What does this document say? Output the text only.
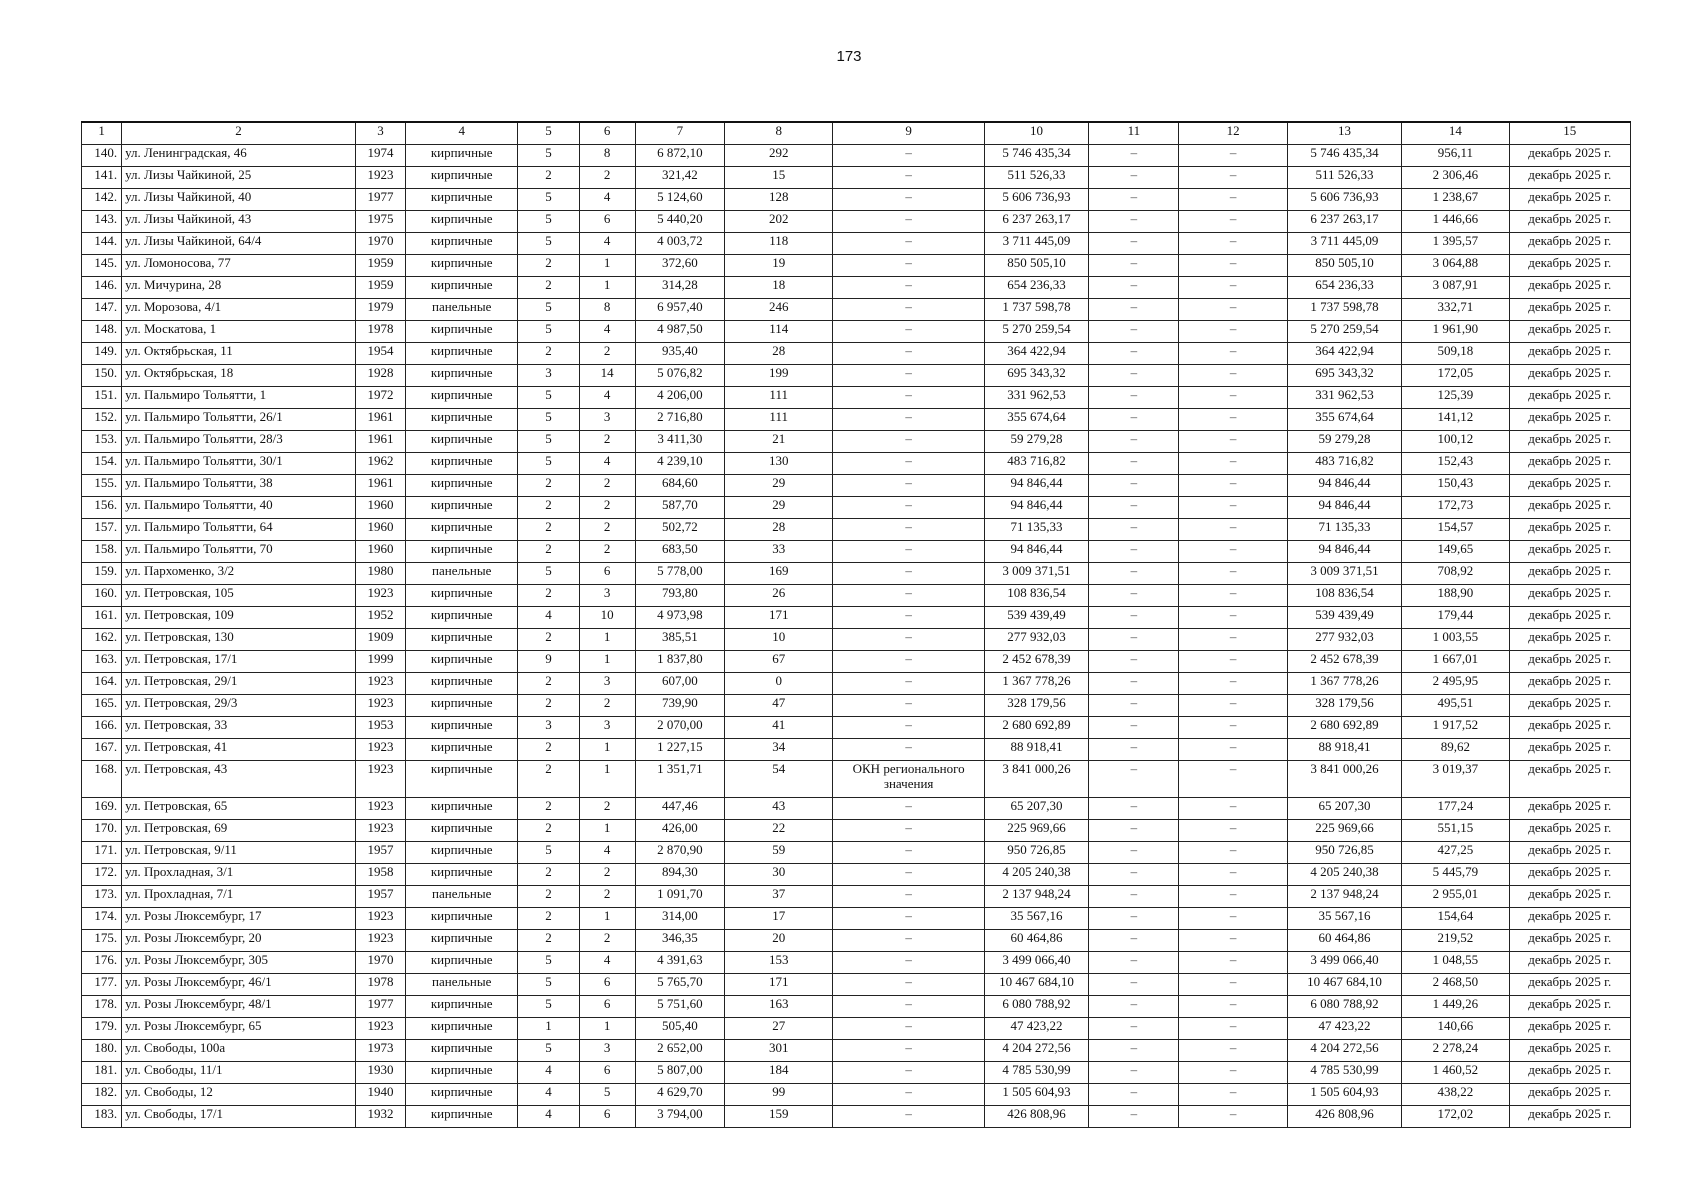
173
1	2	3	4	5	6	7	8	9	10	11	12	13	14	15
140.	ул. Ленинградская, 46	1974	кирпичные	5	8	6 872,10	292	–	5 746 435,34	–	–	5 746 435,34	956,11	декабрь 2025 г.
141.	ул. Лизы Чайкиной, 25	1923	кирпичные	2	2	321,42	15	–	511 526,33	–	–	511 526,33	2 306,46	декабрь 2025 г.
142.	ул. Лизы Чайкиной, 40	1977	кирпичные	5	4	5 124,60	128	–	5 606 736,93	–	–	5 606 736,93	1 238,67	декабрь 2025 г.
143.	ул. Лизы Чайкиной, 43	1975	кирпичные	5	6	5 440,20	202	–	6 237 263,17	–	–	6 237 263,17	1 446,66	декабрь 2025 г.
144.	ул. Лизы Чайкиной, 64/4	1970	кирпичные	5	4	4 003,72	118	–	3 711 445,09	–	–	3 711 445,09	1 395,57	декабрь 2025 г.
145.	ул. Ломоносова, 77	1959	кирпичные	2	1	372,60	19	–	850 505,10	–	–	850 505,10	3 064,88	декабрь 2025 г.
146.	ул. Мичурина, 28	1959	кирпичные	2	1	314,28	18	–	654 236,33	–	–	654 236,33	3 087,91	декабрь 2025 г.
147.	ул. Морозова, 4/1	1979	панельные	5	8	6 957,40	246	–	1 737 598,78	–	–	1 737 598,78	332,71	декабрь 2025 г.
148.	ул. Москатова, 1	1978	кирпичные	5	4	4 987,50	114	–	5 270 259,54	–	–	5 270 259,54	1 961,90	декабрь 2025 г.
149.	ул. Октябрьская, 11	1954	кирпичные	2	2	935,40	28	–	364 422,94	–	–	364 422,94	509,18	декабрь 2025 г.
150.	ул. Октябрьская, 18	1928	кирпичные	3	14	5 076,82	199	–	695 343,32	–	–	695 343,32	172,05	декабрь 2025 г.
151.	ул. Пальмиро Тольятти, 1	1972	кирпичные	5	4	4 206,00	111	–	331 962,53	–	–	331 962,53	125,39	декабрь 2025 г.
152.	ул. Пальмиро Тольятти, 26/1	1961	кирпичные	5	3	2 716,80	111	–	355 674,64	–	–	355 674,64	141,12	декабрь 2025 г.
153.	ул. Пальмиро Тольятти, 28/3	1961	кирпичные	5	2	3 411,30	21	–	59 279,28	–	–	59 279,28	100,12	декабрь 2025 г.
154.	ул. Пальмиро Тольятти, 30/1	1962	кирпичные	5	4	4 239,10	130	–	483 716,82	–	–	483 716,82	152,43	декабрь 2025 г.
155.	ул. Пальмиро Тольятти, 38	1961	кирпичные	2	2	684,60	29	–	94 846,44	–	–	94 846,44	150,43	декабрь 2025 г.
156.	ул. Пальмиро Тольятти, 40	1960	кирпичные	2	2	587,70	29	–	94 846,44	–	–	94 846,44	172,73	декабрь 2025 г.
157.	ул. Пальмиро Тольятти, 64	1960	кирпичные	2	2	502,72	28	–	71 135,33	–	–	71 135,33	154,57	декабрь 2025 г.
158.	ул. Пальмиро Тольятти, 70	1960	кирпичные	2	2	683,50	33	–	94 846,44	–	–	94 846,44	149,65	декабрь 2025 г.
159.	ул. Пархоменко, 3/2	1980	панельные	5	6	5 778,00	169	–	3 009 371,51	–	–	3 009 371,51	708,92	декабрь 2025 г.
160.	ул. Петровская, 105	1923	кирпичные	2	3	793,80	26	–	108 836,54	–	–	108 836,54	188,90	декабрь 2025 г.
161.	ул. Петровская, 109	1952	кирпичные	4	10	4 973,98	171	–	539 439,49	–	–	539 439,49	179,44	декабрь 2025 г.
162.	ул. Петровская, 130	1909	кирпичные	2	1	385,51	10	–	277 932,03	–	–	277 932,03	1 003,55	декабрь 2025 г.
163.	ул. Петровская, 17/1	1999	кирпичные	9	1	1 837,80	67	–	2 452 678,39	–	–	2 452 678,39	1 667,01	декабрь 2025 г.
164.	ул. Петровская, 29/1	1923	кирпичные	2	3	607,00	0	–	1 367 778,26	–	–	1 367 778,26	2 495,95	декабрь 2025 г.
165.	ул. Петровская, 29/3	1923	кирпичные	2	2	739,90	47	–	328 179,56	–	–	328 179,56	495,51	декабрь 2025 г.
166.	ул. Петровская, 33	1953	кирпичные	3	3	2 070,00	41	–	2 680 692,89	–	–	2 680 692,89	1 917,52	декабрь 2025 г.
167.	ул. Петровская, 41	1923	кирпичные	2	1	1 227,15	34	–	88 918,41	–	–	88 918,41	89,62	декабрь 2025 г.
168.	ул. Петровская, 43	1923	кирпичные	2	1	1 351,71	54	ОКН регионального значения	3 841 000,26	–	–	3 841 000,26	3 019,37	декабрь 2025 г.
169.	ул. Петровская, 65	1923	кирпичные	2	2	447,46	43	–	65 207,30	–	–	65 207,30	177,24	декабрь 2025 г.
170.	ул. Петровская, 69	1923	кирпичные	2	1	426,00	22	–	225 969,66	–	–	225 969,66	551,15	декабрь 2025 г.
171.	ул. Петровская, 9/11	1957	кирпичные	5	4	2 870,90	59	–	950 726,85	–	–	950 726,85	427,25	декабрь 2025 г.
172.	ул. Прохладная, 3/1	1958	кирпичные	2	2	894,30	30	–	4 205 240,38	–	–	4 205 240,38	5 445,79	декабрь 2025 г.
173.	ул. Прохладная, 7/1	1957	панельные	2	2	1 091,70	37	–	2 137 948,24	–	–	2 137 948,24	2 955,01	декабрь 2025 г.
174.	ул. Розы Люксембург, 17	1923	кирпичные	2	1	314,00	17	–	35 567,16	–	–	35 567,16	154,64	декабрь 2025 г.
175.	ул. Розы Люксембург, 20	1923	кирпичные	2	2	346,35	20	–	60 464,86	–	–	60 464,86	219,52	декабрь 2025 г.
176.	ул. Розы Люксембург, 305	1970	кирпичные	5	4	4 391,63	153	–	3 499 066,40	–	–	3 499 066,40	1 048,55	декабрь 2025 г.
177.	ул. Розы Люксембург, 46/1	1978	панельные	5	6	5 765,70	171	–	10 467 684,10	–	–	10 467 684,10	2 468,50	декабрь 2025 г.
178.	ул. Розы Люксембург, 48/1	1977	кирпичные	5	6	5 751,60	163	–	6 080 788,92	–	–	6 080 788,92	1 449,26	декабрь 2025 г.
179.	ул. Розы Люксембург, 65	1923	кирпичные	1	1	505,40	27	–	47 423,22	–	–	47 423,22	140,66	декабрь 2025 г.
180.	ул. Свободы, 100а	1973	кирпичные	5	3	2 652,00	301	–	4 204 272,56	–	–	4 204 272,56	2 278,24	декабрь 2025 г.
181.	ул. Свободы, 11/1	1930	кирпичные	4	6	5 807,00	184	–	4 785 530,99	–	–	4 785 530,99	1 460,52	декабрь 2025 г.
182.	ул. Свободы, 12	1940	кирпичные	4	5	4 629,70	99	–	1 505 604,93	–	–	1 505 604,93	438,22	декабрь 2025 г.
183.	ул. Свободы, 17/1	1932	кирпичные	4	6	3 794,00	159	–	426 808,96	–	–	426 808,96	172,02	декабрь 2025 г.
